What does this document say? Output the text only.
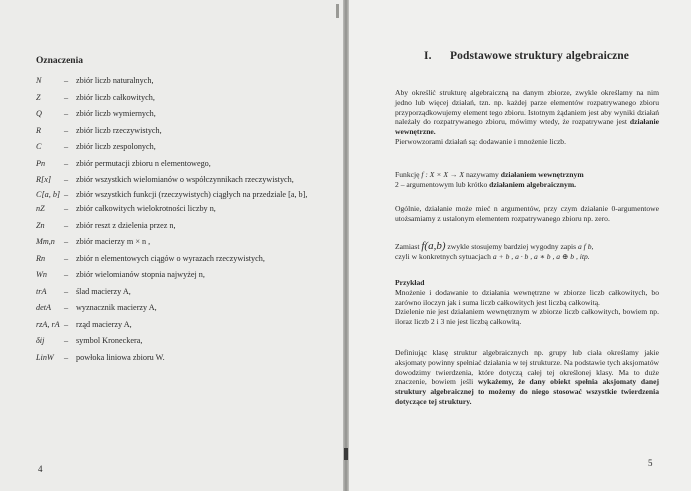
Oznaczenia
N	– zbiór liczb naturalnych,
Z	– zbiór liczb całkowitych,
Q	– zbiór liczb wymiernych,
R	– zbiór liczb rzeczywistych,
C	– zbiór liczb zespolonych,
Pn	– zbiór permutacji zbioru n elementowego,
R[x]	– zbiór wszystkich wielomianów o współczynnikach rzeczywistych,
C[a, b] – zbiór wszystkich funkcji (rzeczywistych) ciągłych na przedziale [a, b],
nZ	– zbiór całkowitych wielokrotności liczby n,
Zn	– zbiór reszt z dzielenia przez n,
Mm,n	– zbiór macierzy m × n ,
Rn	– zbiór n elementowych ciągów o wyrazach rzeczywistych,
Wn	– zbiór wielomianów stopnia najwyżej n,
trA	– ślad macierzy A,
detA	– wyznacznik macierzy A,
rzA, rA – rząd macierzy A,
δij	– symbol Kroneckera,
LinW	– powłoka liniowa zbioru W.
4
I. Podstawowe struktury algebraiczne

Aby określić strukturę algebraiczną na danym zbiorze, zwykle określamy na nim jedno lub więcej działań, tzn. np. każdej parze elementów rozpatrywanego zbioru przyporządkowujemy element tego zbioru. Istotnym żądaniem jest aby wyniki działań należały do rozpatrywanego zbioru, mówimy wtedy, że rozpatrywane jest działanie wewnętrzne.
Pierwowzorami działań są: dodawanie i mnożenie liczb.

Funkcję f : X × X → X nazywamy działaniem wewnętrznym
2 – argumentowym lub krótko działaniem algebraicznym.

Ogólnie, działanie może mieć n argumentów, przy czym działanie 0-argumentowe utożsamiamy z ustalonym elementem rozpatrywanego zbioru np. zero.

Zamiast f(a,b) zwykle stosujemy bardziej wygodny zapis a f b,
czyli w konkretnych sytuacjach a + b , a · b , a ∗ b , a ⊕ b , itp.

Przykład
Mnożenie i dodawanie to działania wewnętrzne w zbiorze liczb całkowitych, bo zarówno iloczyn jak i suma liczb całkowitych jest liczbą całkowitą.
Dzielenie nie jest działaniem wewnętrznym w zbiorze liczb całkowitych, bowiem np. iloraz liczb 2 i 3 nie jest liczbą całkowitą.

Definiując klasę struktur algebraicznych np. grupy lub ciała określamy jakie aksjomaty powinny spełniać działania w tej strukturze. Na podstawie tych aksjomatów dowodzimy twierdzenia, które dotyczą całej tej określonej klasy. Ma to duże znaczenie, bowiem jeśli wykażemy, że dany obiekt spełnia aksjomaty danej struktury algebraicznej to możemy do niego stosować wszystkie twierdzenia dotyczące tej struktury.

5
